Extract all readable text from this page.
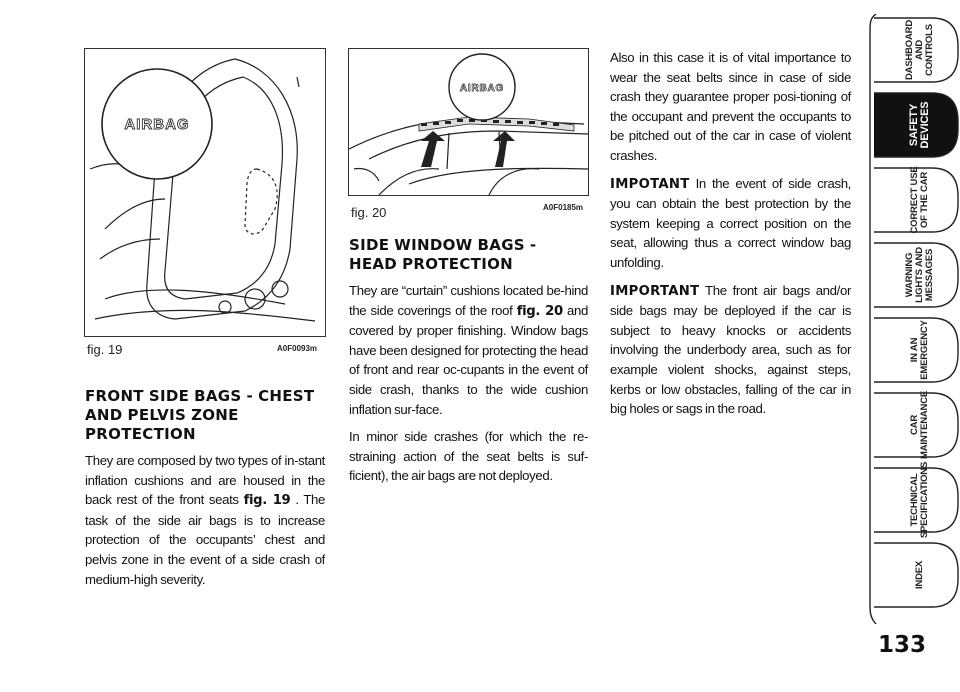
AIRBAG
fig. 19	A0F0093m
AIRBAG
fig. 20	A0F0185m
FRONT SIDE BAGS - CHEST AND PELVIS ZONE PROTECTION

They are composed by two types of in-stant inflation cushions and are housed in the back rest of the front seats fig. 19 . The task of the side air bags is to increase protection of the occupants’ chest and pelvis zone in the event of a side crash of medium-high severity.

SIDE WINDOW BAGS - HEAD PROTECTION

They are “curtain” cushions located be-hind the side coverings of the roof fig. 20 and covered by proper finishing. Window bags have been designed for protecting the head of front and rear oc-cupants in the event of side crash, thanks to the wide cushion inflation sur-face.

In minor side crashes (for which the re-straining action of the seat belts is suf-ficient), the air bags are not deployed.

Also in this case it is of vital importance to wear the seat belts since in case of side crash they guarantee proper posi-tioning of the occupant and prevent the occupants to be pitched out of the car in case of violent crashes.

IMPOTANT In the event of side crash, you can obtain the best protection by the system keeping a correct position on the seat, allowing thus a correct window bag unfolding.

IMPORTANT The front air bags and/or side bags may be deployed if the car is subject to heavy knocks or accidents involving the underbody area, such as for example violent shocks, against steps, kerbs or low obstacles, falling of the car in big holes or sags in the road.

DASHBOARD
AND
CONTROLS
SAFETY
DEVICES
CORRECT USE
OF THE CAR
WARNING
LIGHTS AND
MESSAGES
IN AN
EMERGENCY
CAR
MAINTENANCE
TECHNICAL
SPECIFICATIONS
INDEX
133
